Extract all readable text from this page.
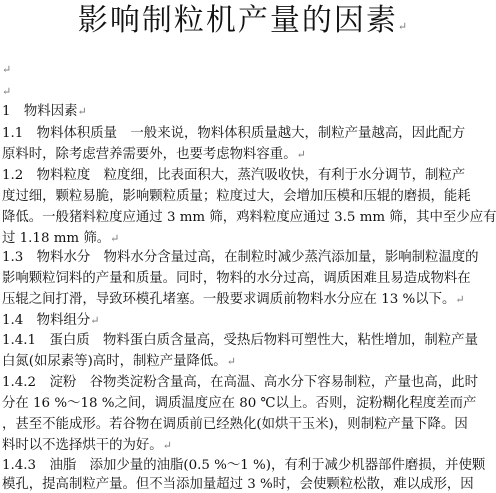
影响制粒机产量的因素↵
↵
↵
1　物料因素↵
1.1　物料体积质量　一般来说，物料体积质量越大，制粒产量越高，因此配方
原料时，除考虑营养需要外，也要考虑物料容重。↵
1.2　物料粒度　粒度细，比表面积大，蒸汽吸收快，有利于水分调节，制粒产
度过细，颗粒易脆，影响颗粒质量；粒度过大，会增加压模和压辊的磨损，能耗
降低。一般猪料粒度应通过 3 mm 筛，鸡料粒度应通过 3.5 mm 筛，其中至少应有
过 1.18 mm 筛。↵
1.3　物料水分　物料水分含量过高，在制粒时减少蒸汽添加量，影响制粒温度的
影响颗粒饲料的产量和质量。同时，物料的水分过高，调质困难且易造成物料在
压辊之间打滑，导致环模孔堵塞。一般要求调质前物料水分应在 13 %以下。↵
1.4　物料组分↵
1.4.1　蛋白质　物料蛋白质含量高，受热后物料可塑性大，粘性增加，制粒产量
白氮(如尿素等)高时，制粒产量降低。↵
1.4.2　淀粉　谷物类淀粉含量高，在高温、高水分下容易制粒，产量也高，此时
分在 16 %～18 %之间，调质温度应在 80 ℃以上。否则，淀粉糊化程度差而产
，甚至不能成形。若谷物在调质前已经熟化(如烘干玉米)，则制粒产量下降。因
料时以不选择烘干的为好。↵
1.4.3　油脂　添加少量的油脂(0.5 %～1 %)，有利于减少机器部件磨损，并使颗
模孔，提高制粒产量。但不当添加量超过 3 %时，会使颗粒松散，难以成形，因
